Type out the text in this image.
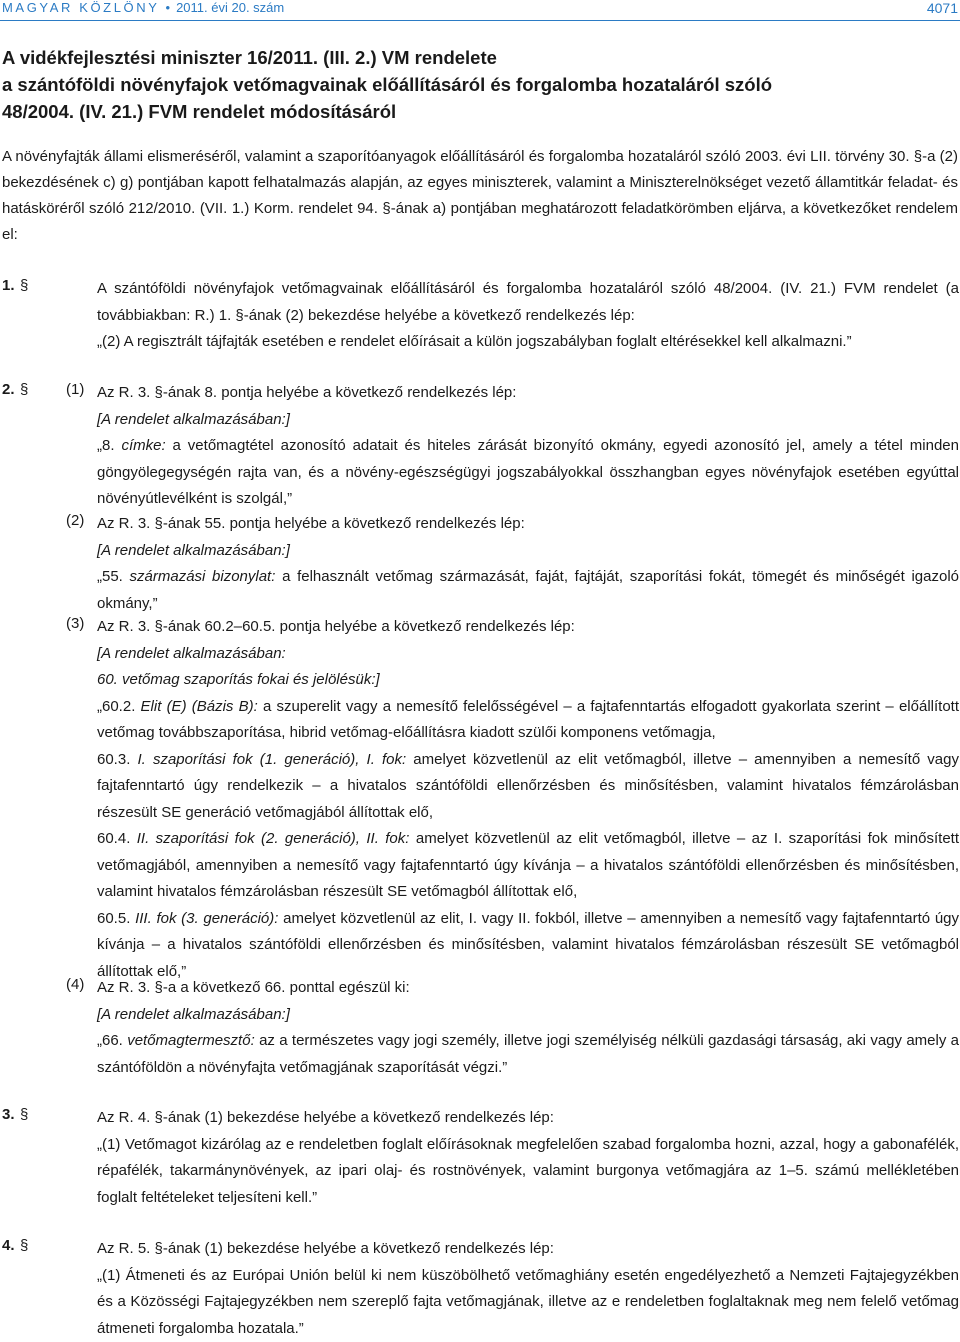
MAGYAR KÖZLÖNY • 2011. évi 20. szám	4071
A vidékfejlesztési miniszter 16/2011. (III. 2.) VM rendelete
a szántóföldi növényfajok vetőmagvainak előállításáról és forgalomba hozataláról szóló
48/2004. (IV. 21.) FVM rendelet módosításáról

A növényfajták állami elismeréséről, valamint a szaporítóanyagok előállításáról és forgalomba hozataláról szóló 2003. évi LII. törvény 30. §-a (2) bekezdésének c) g) pontjában kapott felhatalmazás alapján, az egyes miniszterek, valamint a Miniszterelnökséget vezető államtitkár feladat- és hatásköréről szóló 212/2010. (VII. 1.) Korm. rendelet 94. §-ának a) pontjában meghatározott feladatkörömben eljárva, a következőket rendelem el:

1. §	A szántóföldi növényfajok vetőmagvainak előállításáról és forgalomba hozataláról szóló 48/2004. (IV. 21.) FVM rendelet (a továbbiakban: R.) 1. §-ának (2) bekezdése helyébe a következő rendelkezés lép:

„(2) A regisztrált tájfajták esetében e rendelet előírásait a külön jogszabályban foglalt eltérésekkel kell alkalmazni.”

2. §	(1) Az R. 3. §-ának 8. pontja helyébe a következő rendelkezés lép:

[A rendelet alkalmazásában:]

„8. címke: a vetőmagtétel azonosító adatait és hiteles zárását bizonyító okmány, egyedi azonosító jel, amely a tétel minden göngyölegegységén rajta van, és a növény-egészségügyi jogszabályokkal összhangban egyes növényfajok esetében egyúttal növényútlevélként is szolgál,”

(2) Az R. 3. §-ának 55. pontja helyébe a következő rendelkezés lép:

[A rendelet alkalmazásában:]

„55. származási bizonylat: a felhasznált vetőmag származását, faját, fajtáját, szaporítási fokát, tömegét és minőségét igazoló okmány,”

(3) Az R. 3. §-ának 60.2–60.5. pontja helyébe a következő rendelkezés lép:

[A rendelet alkalmazásában:

60. vetőmag szaporítás fokai és jelölésük:]

„60.2. Elit (E) (Bázis B): a szuperelit vagy a nemesítő felelősségével – a fajtafenntartás elfogadott gyakorlata szerint – előállított vetőmag továbbszaporítása, hibrid vetőmag-előállításra kiadott szülői komponens vetőmagja,

60.3. I. szaporítási fok (1. generáció), I. fok: amelyet közvetlenül az elit vetőmagból, illetve – amennyiben a nemesítő vagy fajtafenntartó úgy rendelkezik – a hivatalos szántóföldi ellenőrzésben és minősítésben, valamint hivatalos fémzárolásban részesült SE generáció vetőmagjából állítottak elő,

60.4. II. szaporítási fok (2. generáció), II. fok: amelyet közvetlenül az elit vetőmagból, illetve – az I. szaporítási fok minősített vetőmagjából, amennyiben a nemesítő vagy fajtafenntartó úgy kívánja – a hivatalos szántóföldi ellenőrzésben és minősítésben, valamint hivatalos fémzárolásban részesült SE vetőmagból állítottak elő,

60.5. III. fok (3. generáció): amelyet közvetlenül az elit, I. vagy II. fokból, illetve – amennyiben a nemesítő vagy fajtafenntartó úgy kívánja – a hivatalos szántóföldi ellenőrzésben és minősítésben, valamint hivatalos fémzárolásban részesült SE vetőmagból állítottak elő,”

(4) Az R. 3. §-a a következő 66. ponttal egészül ki:

[A rendelet alkalmazásában:]

„66. vetőmagtermesztő: az a természetes vagy jogi személy, illetve jogi személyiség nélküli gazdasági társaság, aki vagy amely a szántóföldön a növényfajta vetőmagjának szaporítását végzi.”

3. §	Az R. 4. §-ának (1) bekezdése helyébe a következő rendelkezés lép:

„(1) Vetőmagot kizárólag az e rendeletben foglalt előírásoknak megfelelően szabad forgalomba hozni, azzal, hogy a gabonafélék, répafélék, takarmánynövények, az ipari olaj- és rostnövények, valamint burgonya vetőmagjára az 1–5. számú mellékletében foglalt feltételeket teljesíteni kell.”

4. §	Az R. 5. §-ának (1) bekezdése helyébe a következő rendelkezés lép:

„(1) Átmeneti és az Európai Unión belül ki nem küszöbölhető vetőmaghiány esetén engedélyezhető a Nemzeti Fajtajegyzékben és a Közösségi Fajtajegyzékben nem szereplő fajta vetőmagjának, illetve az e rendeletben foglaltaknak meg nem felelő vetőmag átmeneti forgalomba hozatala.”
